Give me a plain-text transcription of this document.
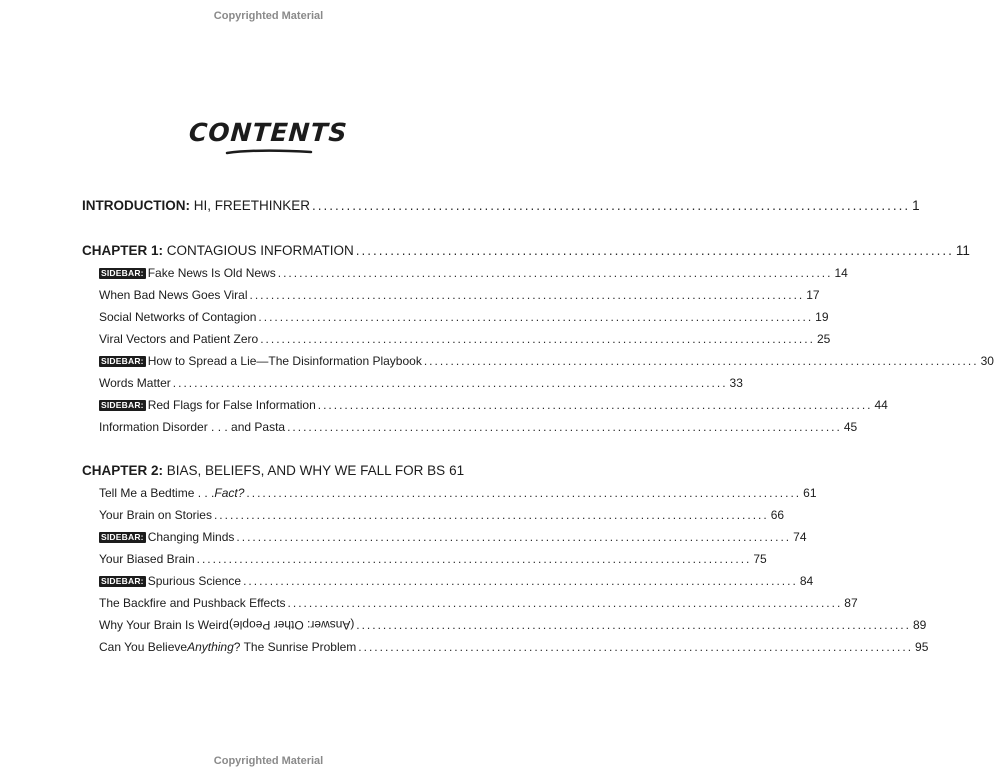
Copyrighted Material
CONTENTS
INTRODUCTION:
HI, FREETHINKER ........................................................................................................ 1
CHAPTER 1:
CONTAGIOUS INFORMATION ........................................................................................................ 11
SIDEBAR: Fake News Is Old News ........................................................................................................ 14
When Bad News Goes Viral ........................................................................................................ 17
Social Networks of Contagion ........................................................................................................ 19
Viral Vectors and Patient Zero ........................................................................................................ 25
SIDEBAR: How to Spread a Lie—The Disinformation Playbook ........................................................................................................ 30
Words Matter ........................................................................................................ 33
SIDEBAR: Red Flags for False Information ........................................................................................................ 44
Information Disorder . . . and Pasta ........................................................................................................ 45
CHAPTER 2:
BIAS, BELIEFS, AND WHY WE FALL FOR BS 61
Tell Me a Bedtime . . . Fact? ........................................................................................................ 61
Your Brain on Stories ........................................................................................................ 66
SIDEBAR: Changing Minds ........................................................................................................ 74
Your Biased Brain ........................................................................................................ 75
SIDEBAR: Spurious Science ........................................................................................................ 84
The Backfire and Pushback Effects ........................................................................................................ 87
Why Your Brain Is Weird (Answer: Other People) ........................................................................................................ 89
Can You Believe Anything ? The Sunrise Problem ........................................................................................................ 95
Copyrighted Material
